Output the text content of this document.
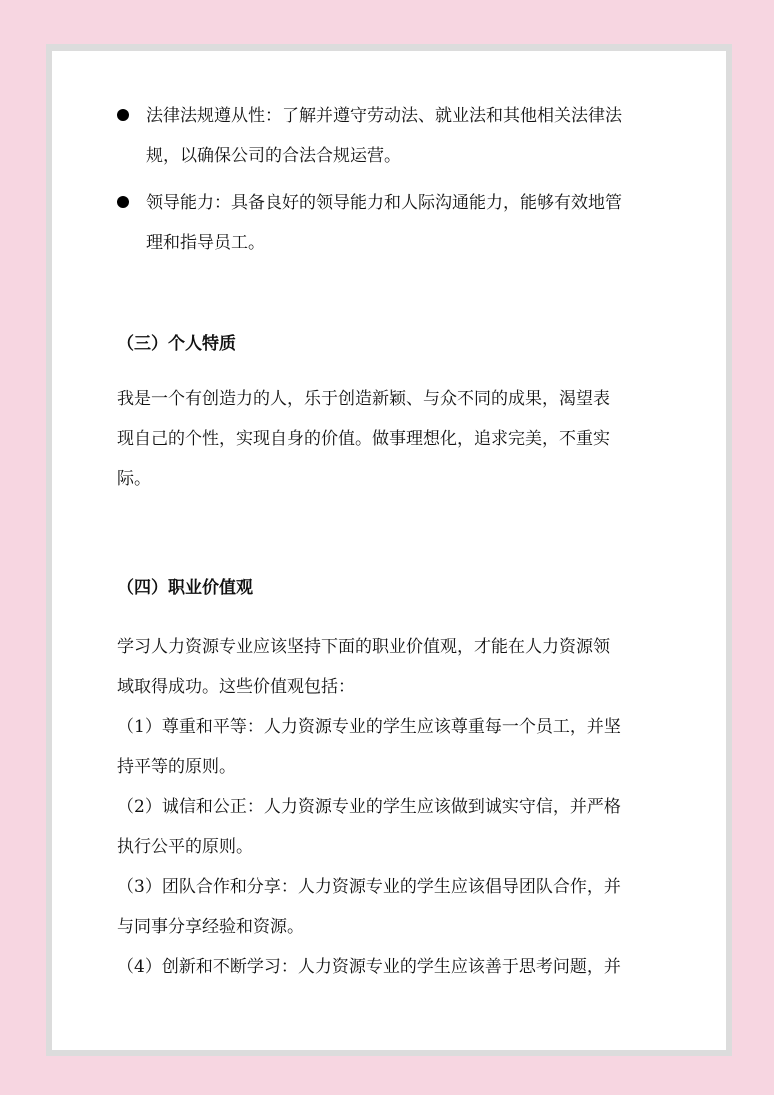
法律法规遵从性：了解并遵守劳动法、就业法和其他相关法律法
规，以确保公司的合法合规运营。
领导能力：具备良好的领导能力和人际沟通能力，能够有效地管
理和指导员工。
（三）个人特质
我是一个有创造力的人，乐于创造新颖、与众不同的成果，渴望表
现自己的个性，实现自身的价值。做事理想化，追求完美，不重实
际。
（四）职业价值观
学习人力资源专业应该坚持下面的职业价值观，才能在人力资源领
域取得成功。这些价值观包括：
（1）尊重和平等：人力资源专业的学生应该尊重每一个员工，并坚
持平等的原则。
（2）诚信和公正：人力资源专业的学生应该做到诚实守信，并严格
执行公平的原则。
（3）团队合作和分享：人力资源专业的学生应该倡导团队合作，并
与同事分享经验和资源。
（4）创新和不断学习：人力资源专业的学生应该善于思考问题，并
